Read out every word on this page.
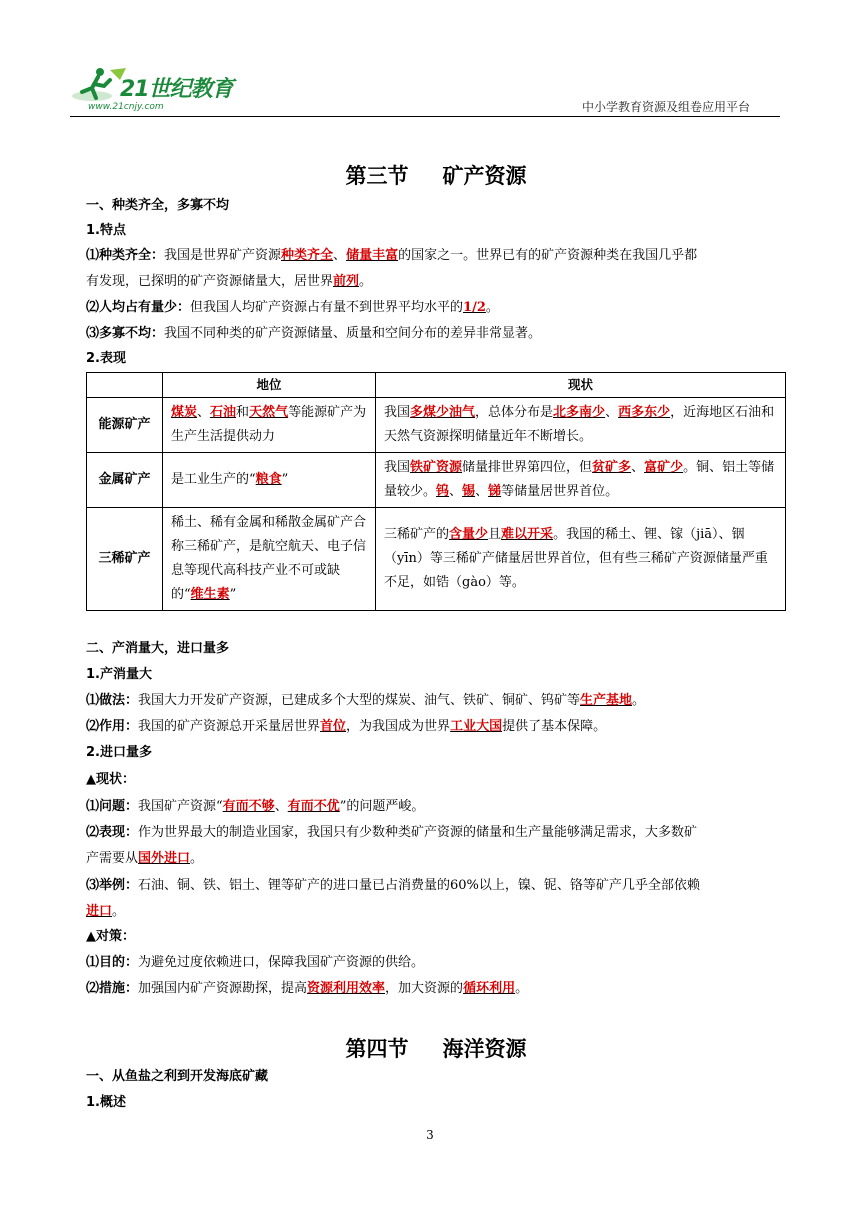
21世纪教育
www.21cnjy.com	中小学教育资源及组卷应用平台
第三节 矿产资源
一、种类齐全，多寡不均
1.特点
⑴种类齐全：我国是世界矿产资源种类齐全、储量丰富的国家之一。世界已有的矿产资源种类在我国几乎都
有发现，已探明的矿产资源储量大，居世界前列。
⑵人均占有量少：但我国人均矿产资源占有量不到世界平均水平的1/2。
⑶多寡不均：我国不同种类的矿产资源储量、质量和空间分布的差异非常显著。
2.表现
	地位	现状
能源矿产	煤炭、石油和天然气等能源矿产为生产生活提供动力	我国多煤少油气，总体分布是北多南少、西多东少，近海地区石油和天然气资源探明储量近年不断增长。
金属矿产	是工业生产的“粮食”	我国铁矿资源储量排世界第四位，但贫矿多、富矿少。铜、铝土等储量较少。钨、锡、锑等储量居世界首位。
三稀矿产	稀土、稀有金属和稀散金属矿产合称三稀矿产，是航空航天、电子信息等现代高科技产业不可或缺的“维生素”	三稀矿产的含量少且难以开采。我国的稀土、锂、镓（jiā）、铟（yīn）等三稀矿产储量居世界首位，但有些三稀矿产资源储量严重不足，如锆（gào）等。
二、产消量大，进口量多
1.产消量大
⑴做法：我国大力开发矿产资源，已建成多个大型的煤炭、油气、铁矿、铜矿、钨矿等生产基地。
⑵作用：我国的矿产资源总开采量居世界首位，为我国成为世界工业大国提供了基本保障。
2.进口量多
▲现状：
⑴问题：我国矿产资源“有而不够、有而不优”的问题严峻。
⑵表现：作为世界最大的制造业国家，我国只有少数种类矿产资源的储量和生产量能够满足需求，大多数矿
产需要从国外进口。
⑶举例：石油、铜、铁、铝土、锂等矿产的进口量已占消费量的60%以上，镍、铌、铬等矿产几乎全部依赖
进口。
▲对策：
⑴目的：为避免过度依赖进口，保障我国矿产资源的供给。
⑵措施：加强国内矿产资源勘探，提高资源利用效率，加大资源的循环利用。
第四节 海洋资源
一、从鱼盐之利到开发海底矿藏
1.概述
3
